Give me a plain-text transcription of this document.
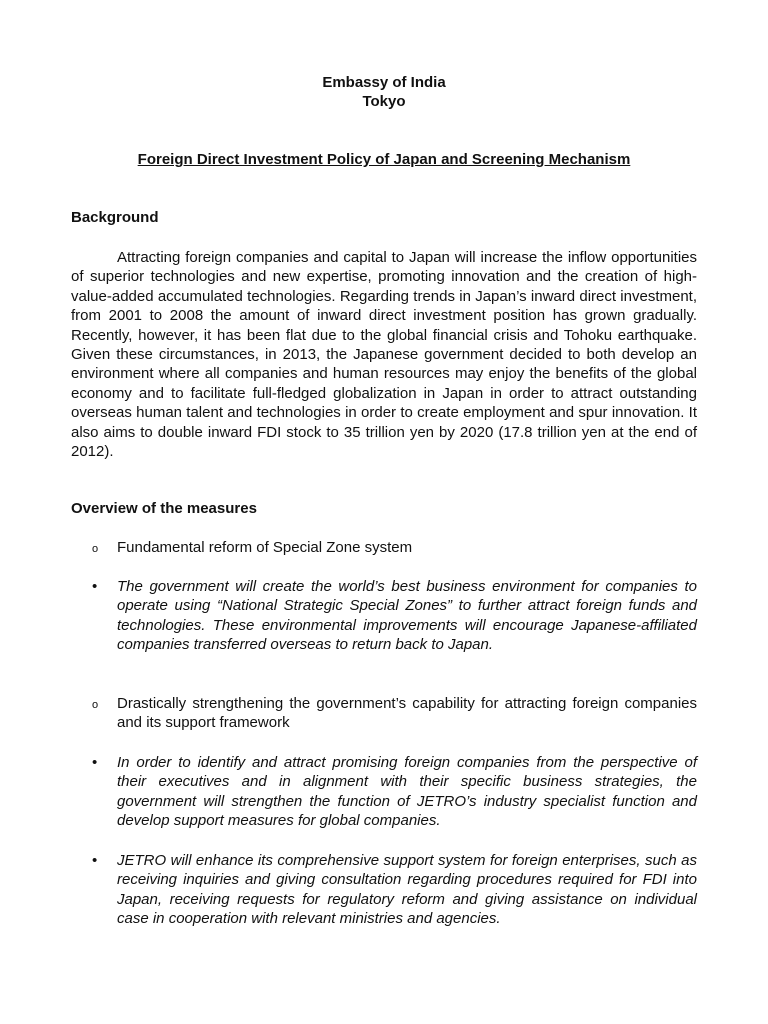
Embassy of India
Tokyo
Foreign Direct Investment Policy of Japan and Screening Mechanism
Background

Attracting foreign companies and capital to Japan will increase the inflow opportunities of superior technologies and new expertise, promoting innovation and the creation of high-value-added accumulated technologies. Regarding trends in Japan’s inward direct investment, from 2001 to 2008 the amount of inward direct investment position has grown gradually. Recently, however, it has been flat due to the global financial crisis and Tohoku earthquake. Given these circumstances, in 2013, the Japanese government decided to both develop an environment where all companies and human resources may enjoy the benefits of the global economy and to facilitate full-fledged globalization in Japan in order to attract outstanding overseas human talent and technologies in order to create employment and spur innovation. It also aims to double inward FDI stock to 35 trillion yen by 2020 (17.8 trillion yen at the end of 2012).

Overview of the measures
o	Fundamental reform of Special Zone system
•	The government will create the world’s best business environment for companies to operate using “National Strategic Special Zones” to further attract foreign funds and technologies. These environmental improvements will encourage Japanese-affiliated companies transferred overseas to return back to Japan.
o	Drastically strengthening the government’s capability for attracting foreign companies and its support framework
•	In order to identify and attract promising foreign companies from the perspective of their executives and in alignment with their specific business strategies, the government will strengthen the function of JETRO’s industry specialist function and develop support measures for global companies.
•	JETRO will enhance its comprehensive support system for foreign enterprises, such as receiving inquiries and giving consultation regarding procedures required for FDI into Japan, receiving requests for regulatory reform and giving assistance on individual case in cooperation with relevant ministries and agencies.
